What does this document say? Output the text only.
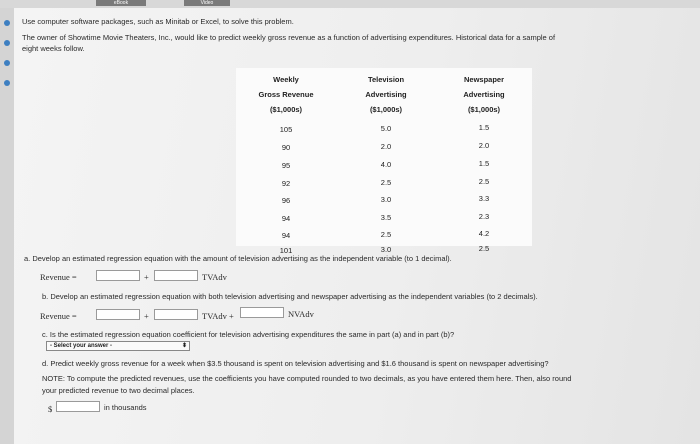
eBook	Video
Use computer software packages, such as Minitab or Excel, to solve this problem.
The owner of Showtime Movie Theaters, Inc., would like to predict weekly gross revenue as a function of advertising expenditures. Historical data for a sample of
eight weeks follow.
Weekly
Gross Revenue
($1,000s)
Television
Advertising
($1,000s)
Newspaper
Advertising
($1,000s)
105	5.0	1.5
90	2.0	2.0
95	4.0	1.5
92	2.5	2.5
96	3.0	3.3
94	3.5	2.3
94	2.5	4.2
101	3.0	2.5
a. Develop an estimated regression equation with the amount of television advertising as the independent variable (to 1 decimal).
Revenue =	+	TVAdv
b. Develop an estimated regression equation with both television advertising and newspaper advertising as the independent variables (to 2 decimals).
Revenue =	+	TVAdv +	NVAdv
c. Is the estimated regression equation coefficient for television advertising expenditures the same in part (a) and in part (b)?
- Select your answer -	⬍
d. Predict weekly gross revenue for a week when $3.5 thousand is spent on television advertising and $1.6 thousand is spent on newspaper advertising?
NOTE: To compute the predicted revenues, use the coefficients you have computed rounded to two decimals, as you have entered them here. Then, also round
your predicted revenue to two decimal places.
$	in thousands
